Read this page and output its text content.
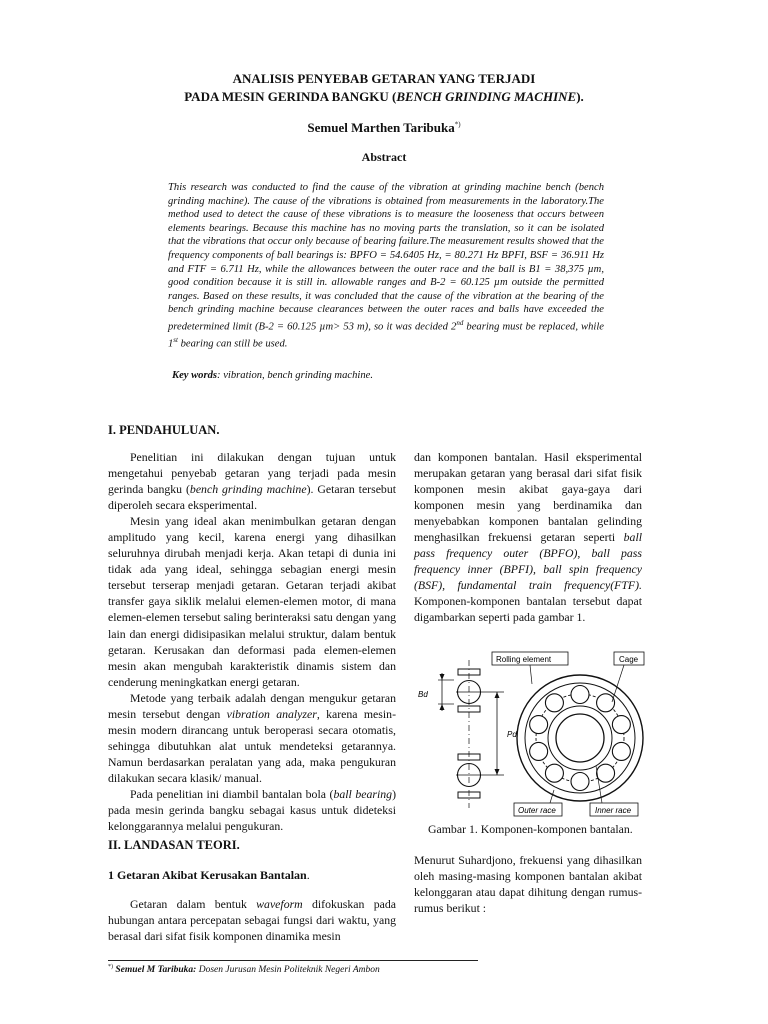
ANALISIS PENYEBAB GETARAN YANG TERJADI
PADA MESIN GERINDA BANGKU (BENCH GRINDING MACHINE).
Semuel Marthen Taribuka*)
Abstract
This research was conducted to find the cause of the vibration at grinding machine bench (bench grinding machine). The cause of the vibrations is obtained from measurements in the laboratory.The method used to detect the cause of these vibrations is to measure the looseness that occurs between elements bearings. Because this machine has no moving parts the translation, so it can be isolated that the vibrations that occur only because of bearing failure.The measurement results showed that the frequency components of ball bearings is: BPFO = 54.6405 Hz, = 80.271 Hz BPFI, BSF = 36.911 Hz and FTF = 6.711 Hz, while the allowances between the outer race and the ball is B1 = 38,375 µm, good condition because it is still in. allowable ranges and B-2 = 60.125 µm outside the permitted ranges. Based on these results, it was concluded that the cause of the vibration at the bearing of the bench grinding machine because clearances between the outer races and balls have exceeded the predetermined limit (B-2 = 60.125 µm> 53 m), so it was decided 2nd bearing must be replaced, while 1st bearing can still be used.
Key words: vibration, bench grinding machine.
I. PENDAHULUAN.

Penelitian ini dilakukan dengan tujuan untuk mengetahui penyebab getaran yang terjadi pada mesin gerinda bangku (bench grinding machine). Getaran tersebut diperoleh secara eksperimental.

Mesin yang ideal akan menimbulkan getaran dengan amplitudo yang kecil, karena energi yang dihasilkan seluruhnya dirubah menjadi kerja. Akan tetapi di dunia ini tidak ada yang ideal, sehingga sebagian energi mesin tersebut terserap menjadi getaran. Getaran terjadi akibat transfer gaya siklik melalui elemen-elemen motor, di mana elemen-elemen tersebut saling berinteraksi satu dengan yang lain dan energi didisipasikan melalui struktur, dalam bentuk getaran. Kerusakan dan deformasi pada elemen-elemen mesin akan mengubah karakteristik dinamis sistem dan cenderung meningkatkan energi getaran.

Metode yang terbaik adalah dengan mengukur getaran mesin tersebut dengan vibration analyzer, karena mesin-mesin modern dirancang untuk beroperasi secara otomatis, sehingga dibutuhkan alat untuk mendeteksi getarannya. Namun berdasarkan peralatan yang ada, maka pengukuran dilakukan secara klasik/ manual.

Pada penelitian ini diambil bantalan bola (ball bearing) pada mesin gerinda bangku sebagai kasus untuk dideteksi kelonggarannya melalui pengukuran.

II. LANDASAN TEORI.
1 Getaran Akibat Kerusakan Bantalan.

Getaran dalam bentuk waveform difokuskan pada hubungan antara percepatan sebagai fungsi dari waktu, yang berasal dari sifat fisik komponen dinamika mesin

dan komponen bantalan. Hasil eksperimental merupakan getaran yang berasal dari sifat fisik komponen mesin akibat gaya-gaya dari komponen mesin yang berdinamika dan menyebabkan komponen bantalan gelinding menghasilkan frekuensi getaran seperti ball pass frequency outer (BPFO), ball pass frequency inner (BPFI), ball spin frequency (BSF), fundamental train frequency(FTF). Komponen-komponen bantalan tersebut dapat digambarkan seperti pada gambar 1.

Bd
Pd
Rolling element	Cage
Outer race	Inner race
Gambar 1. Komponen-komponen bantalan.

Menurut Suhardjono, frekuensi yang dihasilkan oleh masing-masing komponen bantalan akibat kelonggaran atau dapat dihitung dengan rumus-rumus berikut :

*) Semuel M Taribuka: Dosen Jurusan Mesin Politeknik Negeri Ambon
